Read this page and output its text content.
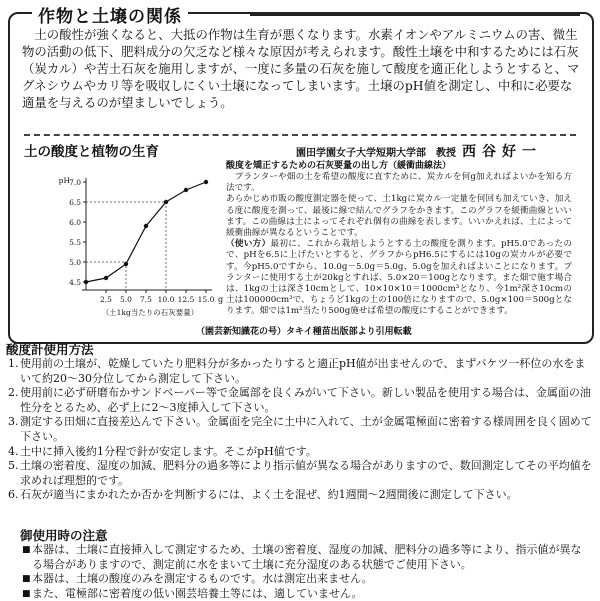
作物と土壌の関係

　土の酸性が強くなると、大抵の作物は生育が悪くなります。水素イオンやアルミニウムの害、微生物の活動の低下、肥料成分の欠乏など様々な原因が考えられます。酸性土壌を中和するためには石灰（炭カル）や苦土石灰を施用しますが、一度に多量の石灰を施して酸度を適正化しようとすると、マグネシウムやカリ等を吸収しにくい土壌になってしまいます。土壌のpH値を測定し、中和に必要な適量を与えるのが望ましいでしょう。

土の酸度と植物の生育	園田学園女子大学短期大学部　教授 西谷好一
酸度を矯正するための石灰要量の出し方（緩衝曲線法）

　プランターや畑の土を希望の酸度に直すために、炭カルを何g加えればよいかを知る方法です。

あらかじめ市販の酸度測定器を使って、土1kgに炭カル一定量を何回も加えていき、加える度に酸度を測って、最後に線で結んでグラフをかきます。このグラフを緩衝曲線といいます。この曲線は土によってそれぞれ個有の曲線を表します。いいかえれば、土によって緩衝曲線が異なるということです。

（使い方）最初に、これから栽培しようとする土の酸度を測ります。pH5.0であったので、pHを6.5に上げたいとすると、グラフからpH6.5にするには10gの炭カルが必要です。今pH5.0ですから、10.0g－5.0g＝5.0g、5.0gを加えればよいことになります。プランターに使用する土が20kgとすれば、5.0×20＝100gとなります。また畑で施す場合は、1kgの土は深さ10cmとして、10×10×10＝1000cm³となり、今1m²深さ10cmの土は100000cm³で、ちょうど1kgの土の100倍になりますので、5.0g×100＝500gとなります。畑では1m²当たり500g施せば希望の酸度にすることができます。

4.5
5.0
5.5
6.0
6.5
7.0
pH
2.5 5.0 7.5 10.0 12.5 15.0 g
（土1kg当たりの石灰要量）
（園芸新知識花の号）タキイ種苗出版部より引用転載
酸度計使用方法
1. 使用前の土壌が、乾燥していたり肥料分が多かったりすると適正pH値が出ませんので、まずバケツ一杯位の水をまいて約20～30分位してから測定して下さい。
2. 使用前に必ず研磨布かサンドペーパー等で金属部を良くみがいて下さい。新しい製品を使用する場合は、金属面の油性分をとるため、必ず上に2～3度挿入して下さい。
3. 測定する田畑に直接差込んで下さい。金属面を完全に土中に入れて、土が金属電極面に密着する様周囲を良く固めて下さい。
4. 土中に挿入後約1分程で針が安定します。そこがpH値です。
5. 土壌の密着度、湿度の加減、肥料分の過多等により指示値が異なる場合がありますので、数回測定してその平均値を求めれば理想的です。
6. 石灰が適当にまかれたか否かを判断するには、よく土を混ぜ、約1週間～2週間後に測定して下さい。
御使用時の注意
■ 本器は、土壌に直接挿入して測定するため、土壌の密着度、湿度の加減、肥料分の過多等により、指示値が異なる場合がありますので、測定前に水をまいて土壌に充分湿度のある状態でご使用下さい。
■ 本器は、土壌の酸度のみを測定するものです。水は測定出来ません。
■ また、電極部に密着度の低い園芸培養土等には、適していません。
